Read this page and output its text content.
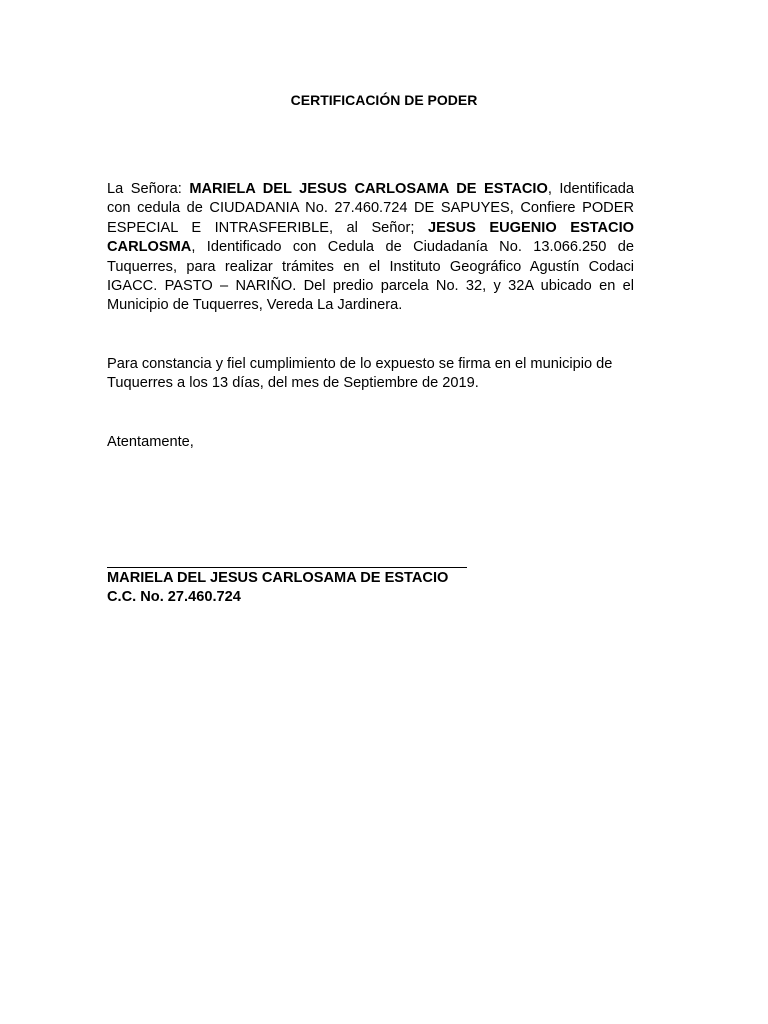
CERTIFICACIÓN DE PODER
La Señora: MARIELA DEL JESUS CARLOSAMA DE ESTACIO, Identificada con cedula de CIUDADANIA No. 27.460.724 DE SAPUYES, Confiere PODER ESPECIAL E INTRASFERIBLE, al Señor; JESUS EUGENIO ESTACIO CARLOSMA, Identificado con Cedula de Ciudadanía No. 13.066.250 de Tuquerres, para realizar trámites en el Instituto Geográfico Agustín Codaci IGACC. PASTO – NARIÑO. Del predio parcela No. 32, y 32A ubicado en el Municipio de Tuquerres, Vereda La Jardinera.
Para constancia y fiel cumplimiento de lo expuesto se firma en el municipio de Tuquerres a los 13 días, del mes de Septiembre de 2019.
Atentamente,
MARIELA DEL JESUS CARLOSAMA DE ESTACIO
C.C. No. 27.460.724
